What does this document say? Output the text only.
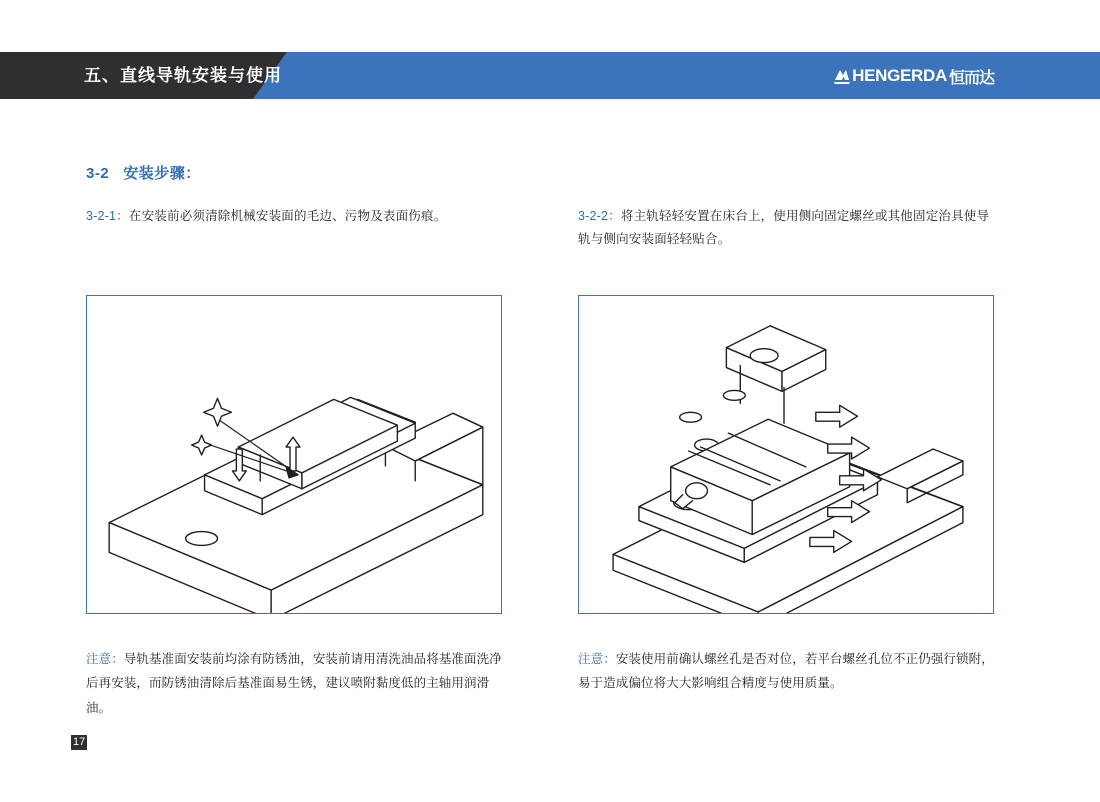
五、直线导轨安装与使用	HENGERDA 恒而达
3-2 安装步骤：

3-2-1：在安装前必须清除机械安装面的毛边、污物及表面伤痕。	3-2-2：将主轨轻轻安置在床台上，使用侧向固定螺丝或其他固定治具使导轨与侧向安装面轻轻贴合。

注意：导轨基准面安装前均涂有防锈油，安装前请用清洗油品将基准面洗净后再安装，而防锈油清除后基准面易生锈，建议喷附黏度低的主轴用润滑油。
注意：安装使用前确认螺丝孔是否对位，若平台螺丝孔位不正仍强行锁附，易于造成偏位将大大影响组合精度与使用质量。
17
